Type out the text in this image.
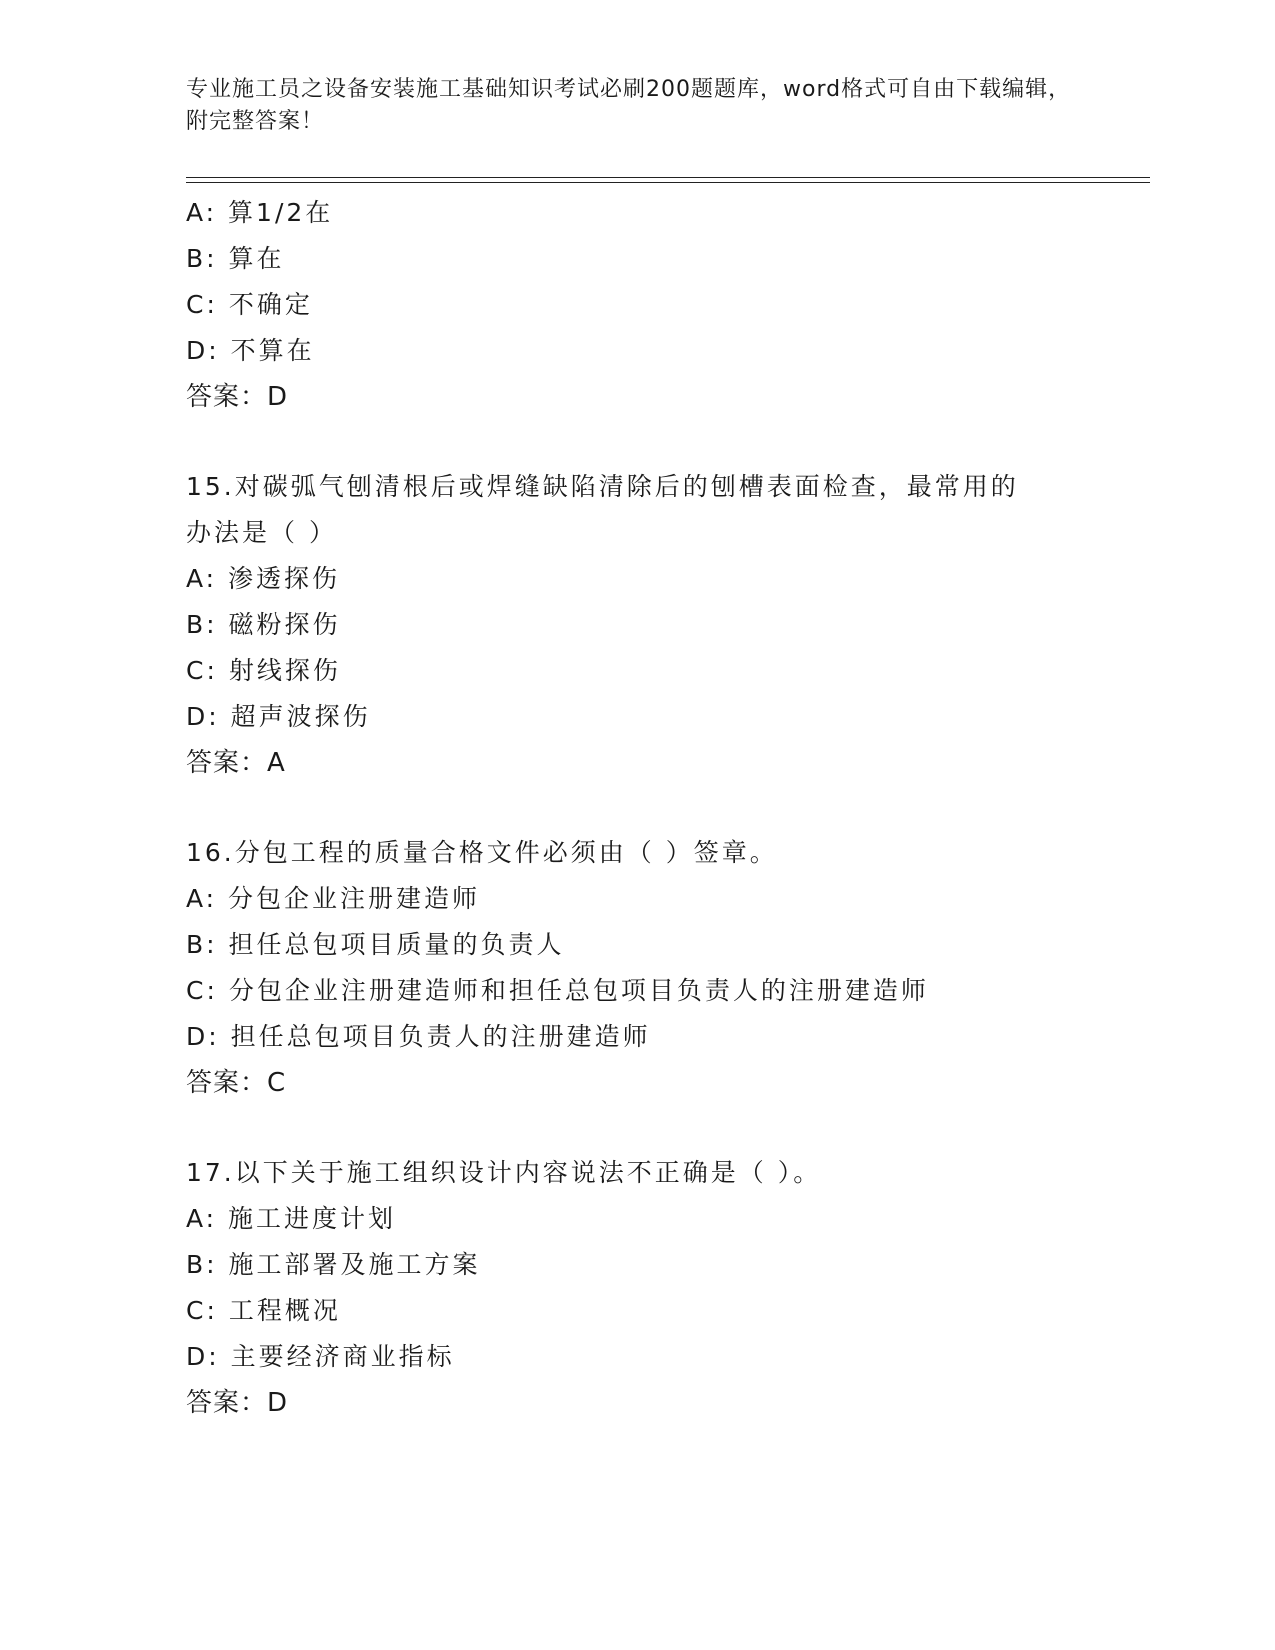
专业施工员之设备安装施工基础知识考试必刷200题题库，word格式可自由下载编辑，附完整答案！
A: 算1/2在
B: 算在
C: 不确定
D: 不算在
答案：D
15.对碳弧气刨清根后或焊缝缺陷清除后的刨槽表面检查，最常用的办法是（ ）
A: 渗透探伤
B: 磁粉探伤
C: 射线探伤
D: 超声波探伤
答案：A
16.分包工程的质量合格文件必须由（ ）签章。
A: 分包企业注册建造师
B: 担任总包项目质量的负责人
C: 分包企业注册建造师和担任总包项目负责人的注册建造师
D: 担任总包项目负责人的注册建造师
答案：C
17.以下关于施工组织设计内容说法不正确是（ ）。
A: 施工进度计划
B: 施工部署及施工方案
C: 工程概况
D: 主要经济商业指标
答案：D
